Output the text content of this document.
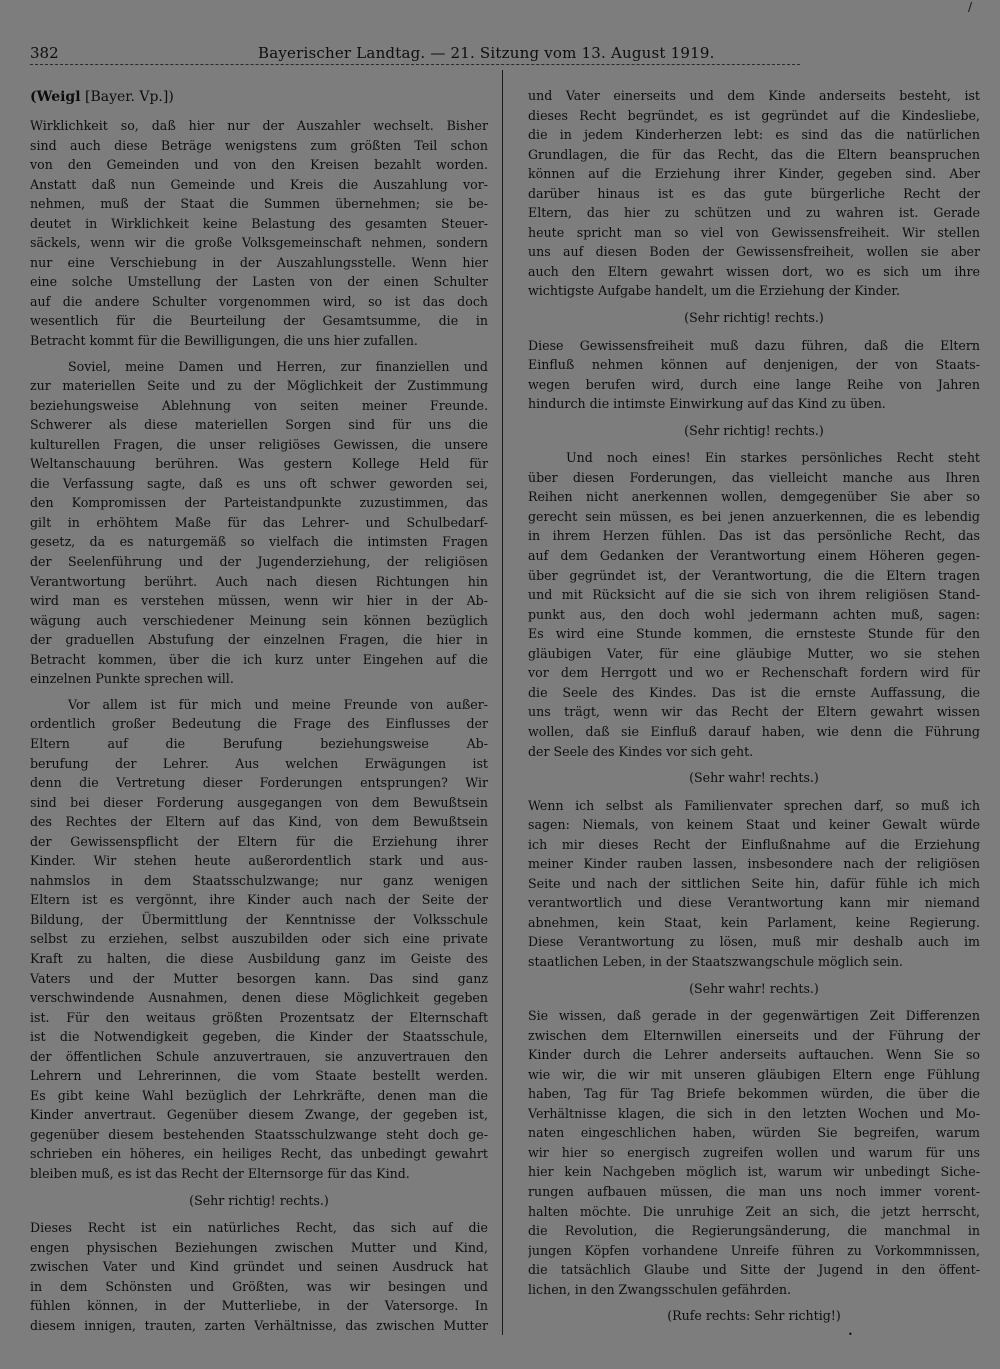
/
382	Bayerischer Landtag. — 21. Sitzung vom 13. August 1919.
(Weigl [Bayer. Vp.])
Wirklichkeit so, daß hier nur der Auszahler wechselt. Bisher
sind auch diese Beträge wenigstens zum größten Teil schon
von den Gemeinden und von den Kreisen bezahlt worden.
Anstatt daß nun Gemeinde und Kreis die Auszahlung vor-
nehmen, muß der Staat die Summen übernehmen; sie be-
deutet in Wirklichkeit keine Belastung des gesamten Steuer-
säckels, wenn wir die große Volksgemeinschaft nehmen, sondern
nur eine Verschiebung in der Auszahlungsstelle. Wenn hier
eine solche Umstellung der Lasten von der einen Schulter
auf die andere Schulter vorgenommen wird, so ist das doch
wesentlich für die Beurteilung der Gesamtsumme, die in
Betracht kommt für die Bewilligungen, die uns hier zufallen.
Soviel, meine Damen und Herren, zur finanziellen und
zur materiellen Seite und zu der Möglichkeit der Zustimmung
beziehungsweise Ablehnung von seiten meiner Freunde.
Schwerer als diese materiellen Sorgen sind für uns die
kulturellen Fragen, die unser religiöses Gewissen, die unsere
Weltanschauung berühren. Was gestern Kollege Held für
die Verfassung sagte, daß es uns oft schwer geworden sei,
den Kompromissen der Parteistandpunkte zuzustimmen, das
gilt in erhöhtem Maße für das Lehrer- und Schulbedarf-
gesetz, da es naturgemäß so vielfach die intimsten Fragen
der Seelenführung und der Jugenderziehung, der religiösen
Verantwortung berührt. Auch nach diesen Richtungen hin
wird man es verstehen müssen, wenn wir hier in der Ab-
wägung auch verschiedener Meinung sein können bezüglich
der graduellen Abstufung der einzelnen Fragen, die hier in
Betracht kommen, über die ich kurz unter Eingehen auf die
einzelnen Punkte sprechen will.
Vor allem ist für mich und meine Freunde von außer-
ordentlich großer Bedeutung die Frage des Einflusses der
Eltern auf die Berufung beziehungsweise Ab-
berufung der Lehrer. Aus welchen Erwägungen ist
denn die Vertretung dieser Forderungen entsprungen? Wir
sind bei dieser Forderung ausgegangen von dem Bewußtsein
des Rechtes der Eltern auf das Kind, von dem Bewußtsein
der Gewissenspflicht der Eltern für die Erziehung ihrer
Kinder. Wir stehen heute außerordentlich stark und aus-
nahmslos in dem Staatsschulzwange; nur ganz wenigen
Eltern ist es vergönnt, ihre Kinder auch nach der Seite der
Bildung, der Übermittlung der Kenntnisse der Volksschule
selbst zu erziehen, selbst auszubilden oder sich eine private
Kraft zu halten, die diese Ausbildung ganz im Geiste des
Vaters und der Mutter besorgen kann. Das sind ganz
verschwindende Ausnahmen, denen diese Möglichkeit gegeben
ist. Für den weitaus größten Prozentsatz der Elternschaft
ist die Notwendigkeit gegeben, die Kinder der Staatsschule,
der öffentlichen Schule anzuvertrauen, sie anzuvertrauen den
Lehrern und Lehrerinnen, die vom Staate bestellt werden.
Es gibt keine Wahl bezüglich der Lehrkräfte, denen man die
Kinder anvertraut. Gegenüber diesem Zwange, der gegeben ist,
gegenüber diesem bestehenden Staatsschulzwange steht doch ge-
schrieben ein höheres, ein heiliges Recht, das unbedingt gewahrt
bleiben muß, es ist das Recht der Elternsorge für das Kind.
(Sehr richtig! rechts.)
Dieses Recht ist ein natürliches Recht, das sich auf die
engen physischen Beziehungen zwischen Mutter und Kind,
zwischen Vater und Kind gründet und seinen Ausdruck hat
in dem Schönsten und Größten, was wir besingen und
fühlen können, in der Mutterliebe, in der Vatersorge. In
diesem innigen, trauten, zarten Verhältnisse, das zwischen Mutter
und Vater einerseits und dem Kinde anderseits besteht, ist
dieses Recht begründet, es ist gegründet auf die Kindesliebe,
die in jedem Kinderherzen lebt: es sind das die natürlichen
Grundlagen, die für das Recht, das die Eltern beanspruchen
können auf die Erziehung ihrer Kinder, gegeben sind. Aber
darüber hinaus ist es das gute bürgerliche Recht der
Eltern, das hier zu schützen und zu wahren ist. Gerade
heute spricht man so viel von Gewissensfreiheit. Wir stellen
uns auf diesen Boden der Gewissensfreiheit, wollen sie aber
auch den Eltern gewahrt wissen dort, wo es sich um ihre
wichtigste Aufgabe handelt, um die Erziehung der Kinder.
(Sehr richtig! rechts.)
Diese Gewissensfreiheit muß dazu führen, daß die Eltern
Einfluß nehmen können auf denjenigen, der von Staats-
wegen berufen wird, durch eine lange Reihe von Jahren
hindurch die intimste Einwirkung auf das Kind zu üben.
(Sehr richtig! rechts.)
Und noch eines! Ein starkes persönliches Recht steht
über diesen Forderungen, das vielleicht manche aus Ihren
Reihen nicht anerkennen wollen, demgegenüber Sie aber so
gerecht sein müssen, es bei jenen anzuerkennen, die es lebendig
in ihrem Herzen fühlen. Das ist das persönliche Recht, das
auf dem Gedanken der Verantwortung einem Höheren gegen-
über gegründet ist, der Verantwortung, die die Eltern tragen
und mit Rücksicht auf die sie sich von ihrem religiösen Stand-
punkt aus, den doch wohl jedermann achten muß, sagen:
Es wird eine Stunde kommen, die ernsteste Stunde für den
gläubigen Vater, für eine gläubige Mutter, wo sie stehen
vor dem Herrgott und wo er Rechenschaft fordern wird für
die Seele des Kindes. Das ist die ernste Auffassung, die
uns trägt, wenn wir das Recht der Eltern gewahrt wissen
wollen, daß sie Einfluß darauf haben, wie denn die Führung
der Seele des Kindes vor sich geht.
(Sehr wahr! rechts.)
Wenn ich selbst als Familienvater sprechen darf, so muß ich
sagen: Niemals, von keinem Staat und keiner Gewalt würde
ich mir dieses Recht der Einflußnahme auf die Erziehung
meiner Kinder rauben lassen, insbesondere nach der religiösen
Seite und nach der sittlichen Seite hin, dafür fühle ich mich
verantwortlich und diese Verantwortung kann mir niemand
abnehmen, kein Staat, kein Parlament, keine Regierung.
Diese Verantwortung zu lösen, muß mir deshalb auch im
staatlichen Leben, in der Staatszwangschule möglich sein.
(Sehr wahr! rechts.)
Sie wissen, daß gerade in der gegenwärtigen Zeit Differenzen
zwischen dem Elternwillen einerseits und der Führung der
Kinder durch die Lehrer anderseits auftauchen. Wenn Sie so
wie wir, die wir mit unseren gläubigen Eltern enge Fühlung
haben, Tag für Tag Briefe bekommen würden, die über die
Verhältnisse klagen, die sich in den letzten Wochen und Mo-
naten eingeschlichen haben, würden Sie begreifen, warum
wir hier so energisch zugreifen wollen und warum für uns
hier kein Nachgeben möglich ist, warum wir unbedingt Siche-
rungen aufbauen müssen, die man uns noch immer vorent-
halten möchte. Die unruhige Zeit an sich, die jetzt herrscht,
die Revolution, die Regierungsänderung, die manchmal in
jungen Köpfen vorhandene Unreife führen zu Vorkommnissen,
die tatsächlich Glaube und Sitte der Jugend in den öffent-
lichen, in den Zwangsschulen gefährden.
(Rufe rechts: Sehr richtig!)
•
